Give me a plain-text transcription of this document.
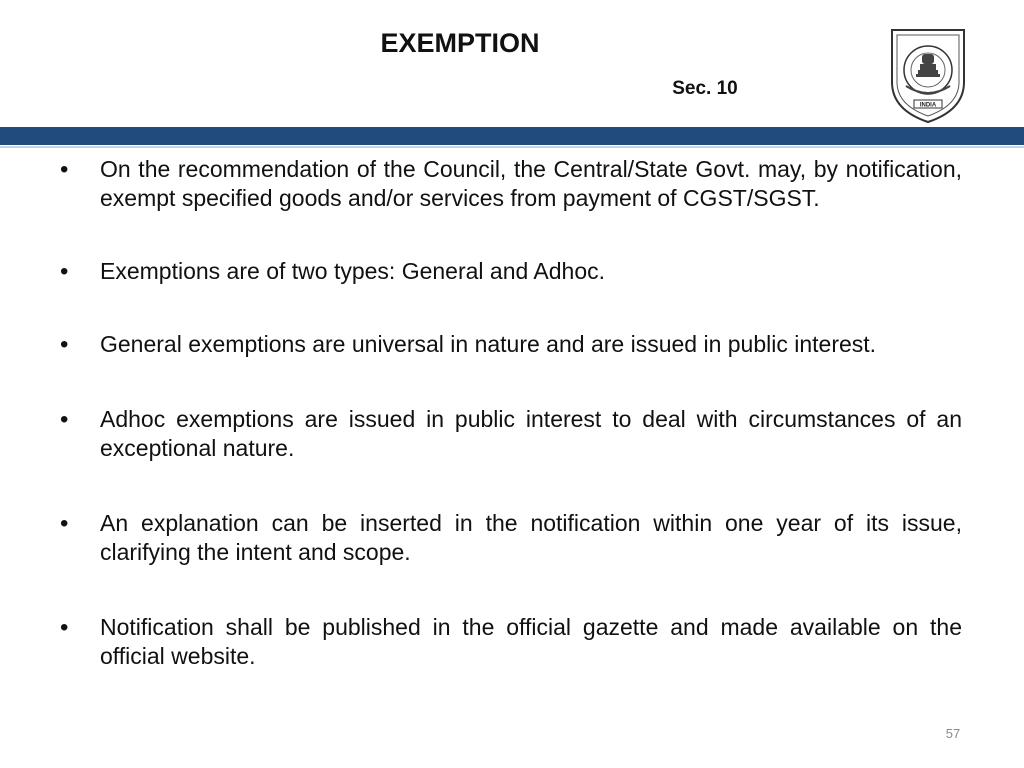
EXEMPTION
Sec. 10
INDIA
• On the recommendation of the Council, the Central/State Govt. may, by notification, exempt specified goods and/or services from payment of CGST/SGST.
• Exemptions are of two types: General and Adhoc.
• General exemptions are universal in nature and are issued in public interest.
• Adhoc exemptions are issued in public interest to deal with circumstances of an exceptional nature.
• An explanation can be inserted in the notification within one year of its issue, clarifying the intent and scope.
• Notification shall be published in the official gazette and made available on the official website.
57
